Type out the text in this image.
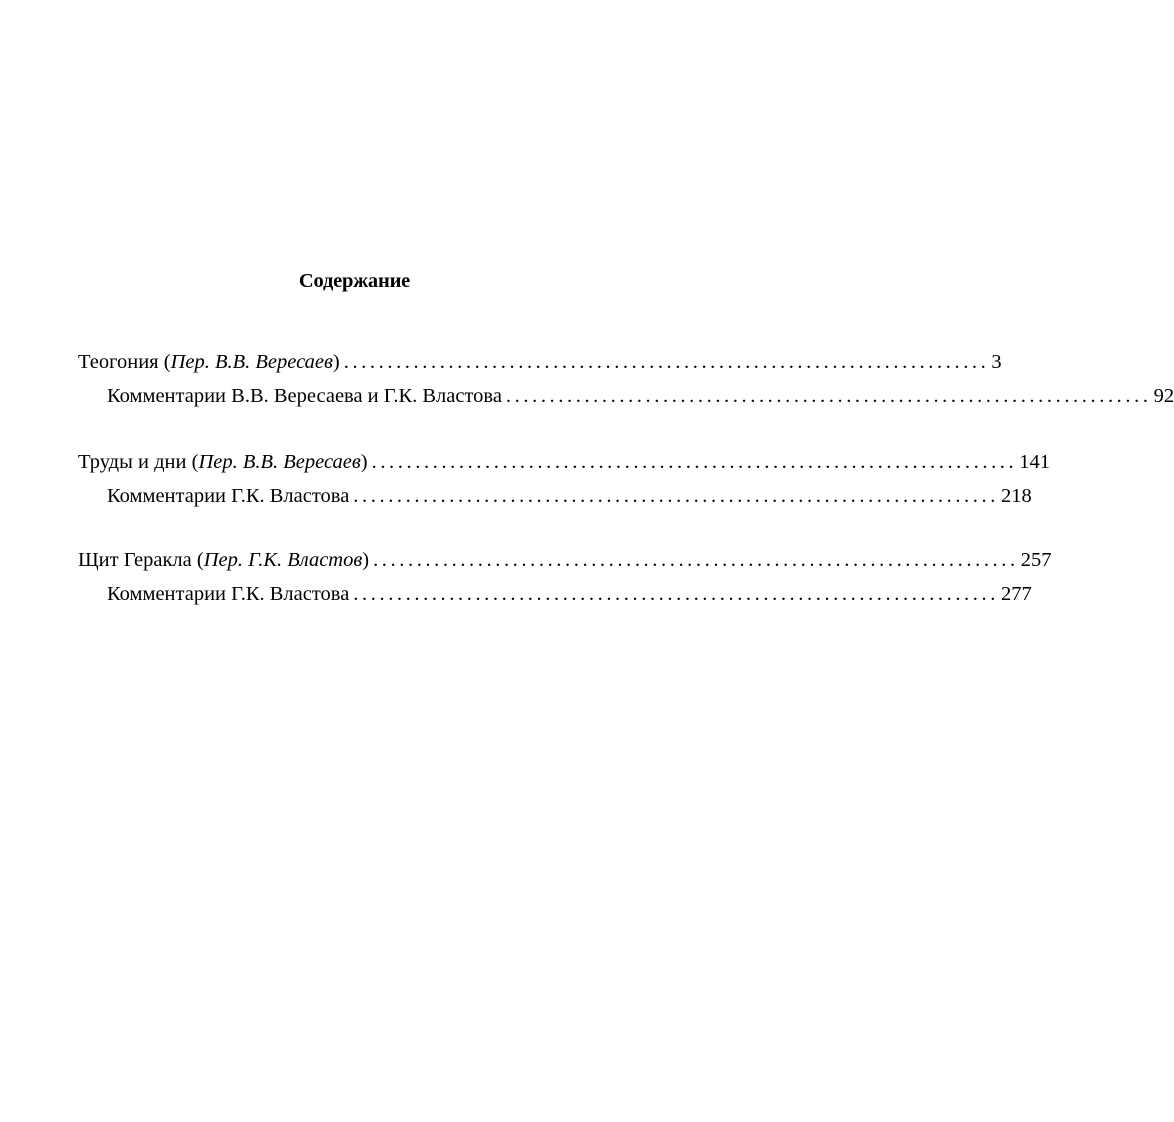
Содержание
Теогония (Пер. В.В. Вересаев) .......................................................................... 3
Комментарии В.В. Вересаева и Г.К. Властова .......................................................................... 92
Труды и дни (Пер. В.В. Вересаев) .......................................................................... 141
Комментарии Г.К. Властова .......................................................................... 218
Щит Геракла (Пер. Г.К. Властов) .......................................................................... 257
Комментарии Г.К. Властова .......................................................................... 277
